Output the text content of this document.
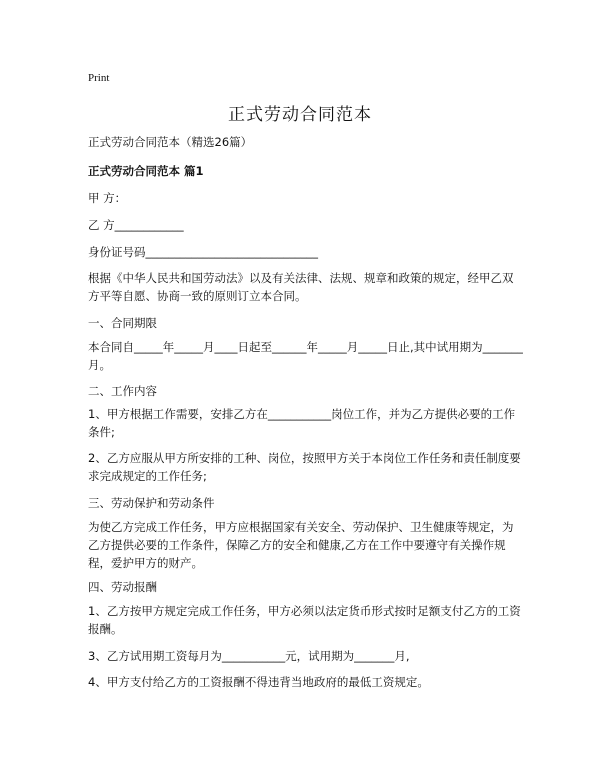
Print
正式劳动合同范本
正式劳动合同范本（精选26篇）
正式劳动合同范本 篇1
甲 方：
乙 方____________
身份证号码______________________________
根据《中华人民共和国劳动法》以及有关法律、法规、规章和政策的规定，经甲乙双方平等自愿、协商一致的原则订立本合同。
一、合同期限
本合同自_____年_____月____日起至______年_____月_____日止,其中试用期为_______月。
二、工作内容
1、甲方根据工作需要，安排乙方在___________岗位工作，并为乙方提供必要的工作条件;
2、乙方应服从甲方所安排的工种、岗位，按照甲方关于本岗位工作任务和责任制度要求完成规定的工作任务;
三、劳动保护和劳动条件
为使乙方完成工作任务，甲方应根据国家有关安全、劳动保护、卫生健康等规定，为乙方提供必要的工作条件，保障乙方的安全和健康,乙方在工作中要遵守有关操作规程，爱护甲方的财产。
四、劳动报酬
1、乙方按甲方规定完成工作任务，甲方必须以法定货币形式按时足额支付乙方的工资报酬。
3、乙方试用期工资每月为___________元，试用期为_______月,
4、甲方支付给乙方的工资报酬不得违背当地政府的最低工资规定。
